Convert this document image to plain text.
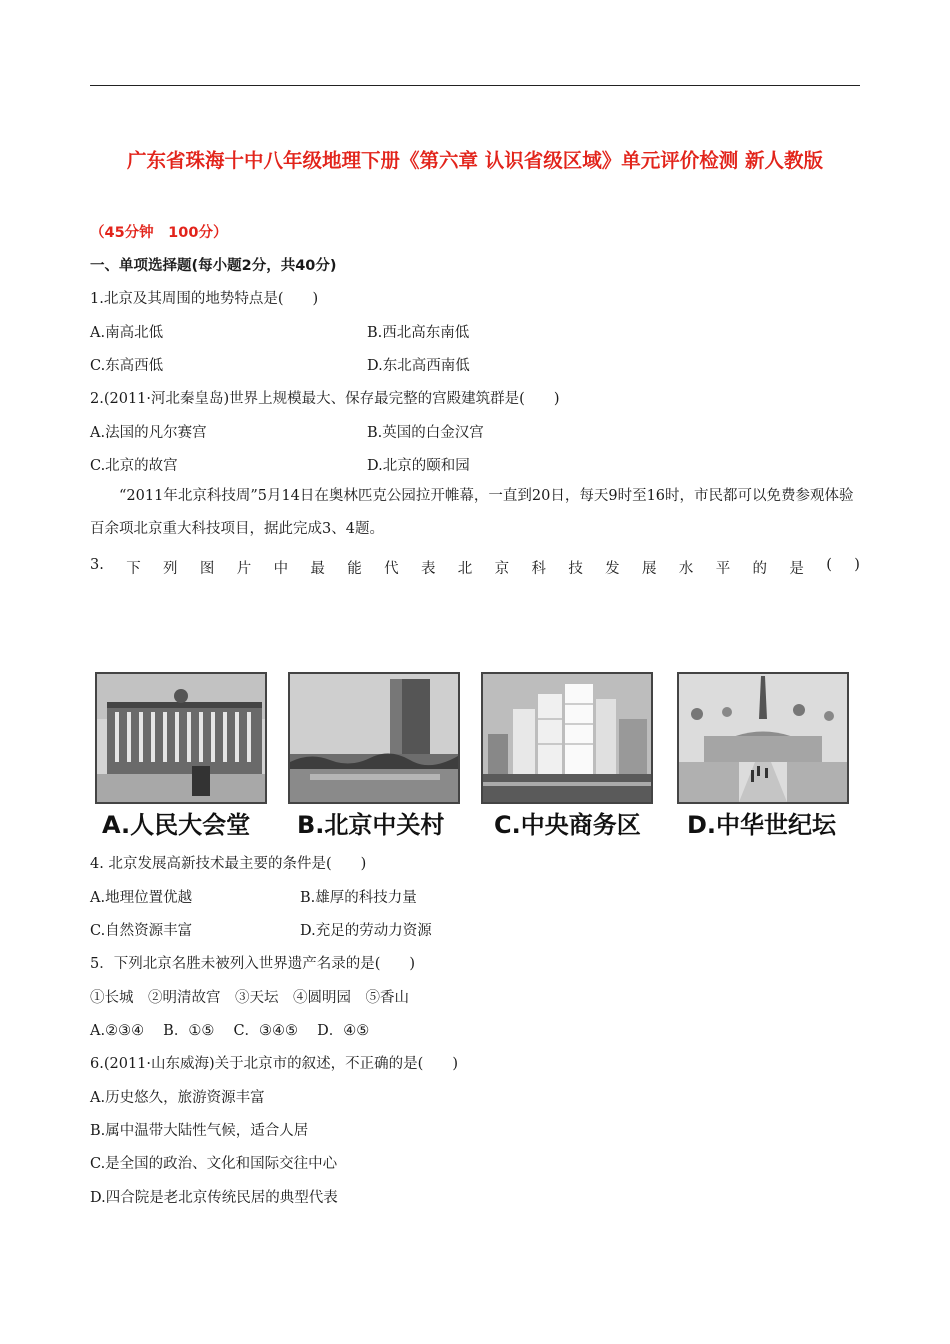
广东省珠海十中八年级地理下册《第六章 认识省级区域》单元评价检测 新人教版
（45分钟　100分）
一、单项选择题(每小题2分，共40分)
1.北京及其周围的地势特点是(　　)
A.南高北低	B.西北高东南低
C.东高西低	D.东北高西南低
2.(2011·河北秦皇岛)世界上规模最大、保存最完整的宫殿建筑群是(　　)
A.法国的凡尔赛宫	B.英国的白金汉宫
C.北京的故宫	D.北京的颐和园
“2011年北京科技周”5月14日在奥林匹克公园拉开帷幕，一直到20日，每天9时至16时，市民都可以免费参观体验百余项北京重大科技项目，据此完成3、4题。
3. 下 列 图 片 中 最 能 代 表 北 京 科 技 发 展 水 平 的 是 ( )
A.人民大会堂 B.北京中关村 C.中央商务区 D.中华世纪坛
4. 北京发展高新技术最主要的条件是(　　)
A.地理位置优越	B.雄厚的科技力量
C.自然资源丰富	D.充足的劳动力资源
5．下列北京名胜未被列入世界遗产名录的是(　　)
①长城　②明清故宫　③天坛　④圆明园　⑤香山
A.②③④　 B．①⑤　 C．③④⑤　 D．④⑤
6.(2011·山东威海)关于北京市的叙述，不正确的是(　　)
A.历史悠久，旅游资源丰富
B.属中温带大陆性气候，适合人居
C.是全国的政治、文化和国际交往中心
D.四合院是老北京传统民居的典型代表
